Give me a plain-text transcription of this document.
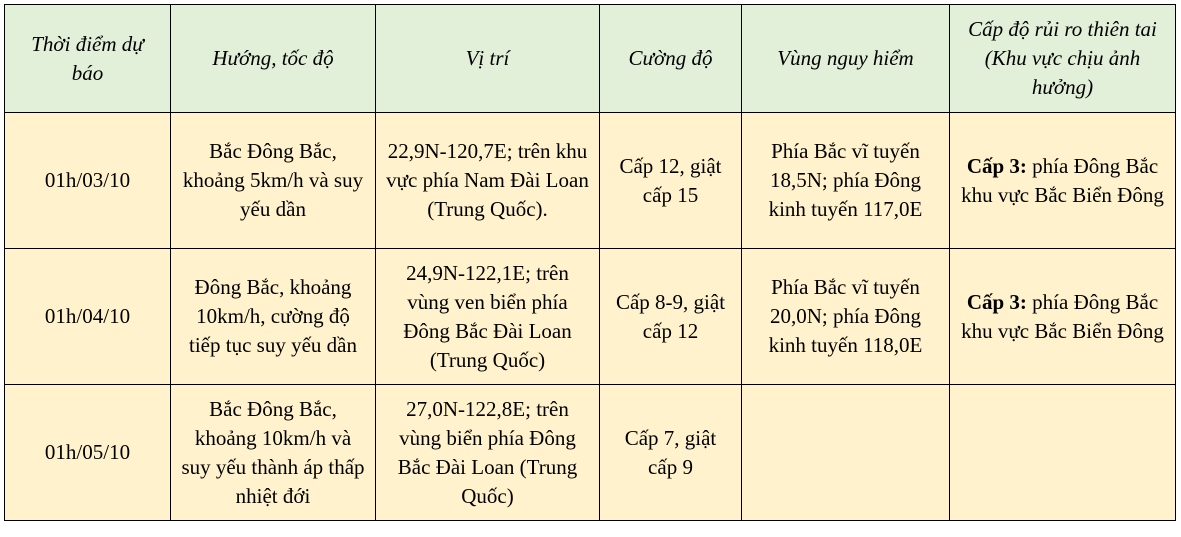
Thời điểm dự báo	Hướng, tốc độ	Vị trí	Cường độ	Vùng nguy hiểm	Cấp độ rủi ro thiên tai (Khu vực chịu ảnh hưởng)
01h/03/10	Bắc Đông Bắc, khoảng 5km/h và suy yếu dần	22,9N-120,7E; trên khu vực phía Nam Đài Loan (Trung Quốc).	Cấp 12, giật cấp 15	Phía Bắc vĩ tuyến 18,5N; phía Đông kinh tuyến 117,0E	Cấp 3: phía Đông Bắc khu vực Bắc Biển Đông
01h/04/10	Đông Bắc, khoảng 10km/h, cường độ tiếp tục suy yếu dần	24,9N-122,1E; trên vùng ven biển phía Đông Bắc Đài Loan (Trung Quốc)	Cấp 8-9, giật cấp 12	Phía Bắc vĩ tuyến 20,0N; phía Đông kinh tuyến 118,0E	Cấp 3: phía Đông Bắc khu vực Bắc Biển Đông
01h/05/10	Bắc Đông Bắc, khoảng 10km/h và suy yếu thành áp thấp nhiệt đới	27,0N-122,8E; trên vùng biển phía Đông Bắc Đài Loan (Trung Quốc)	Cấp 7, giật cấp 9		
